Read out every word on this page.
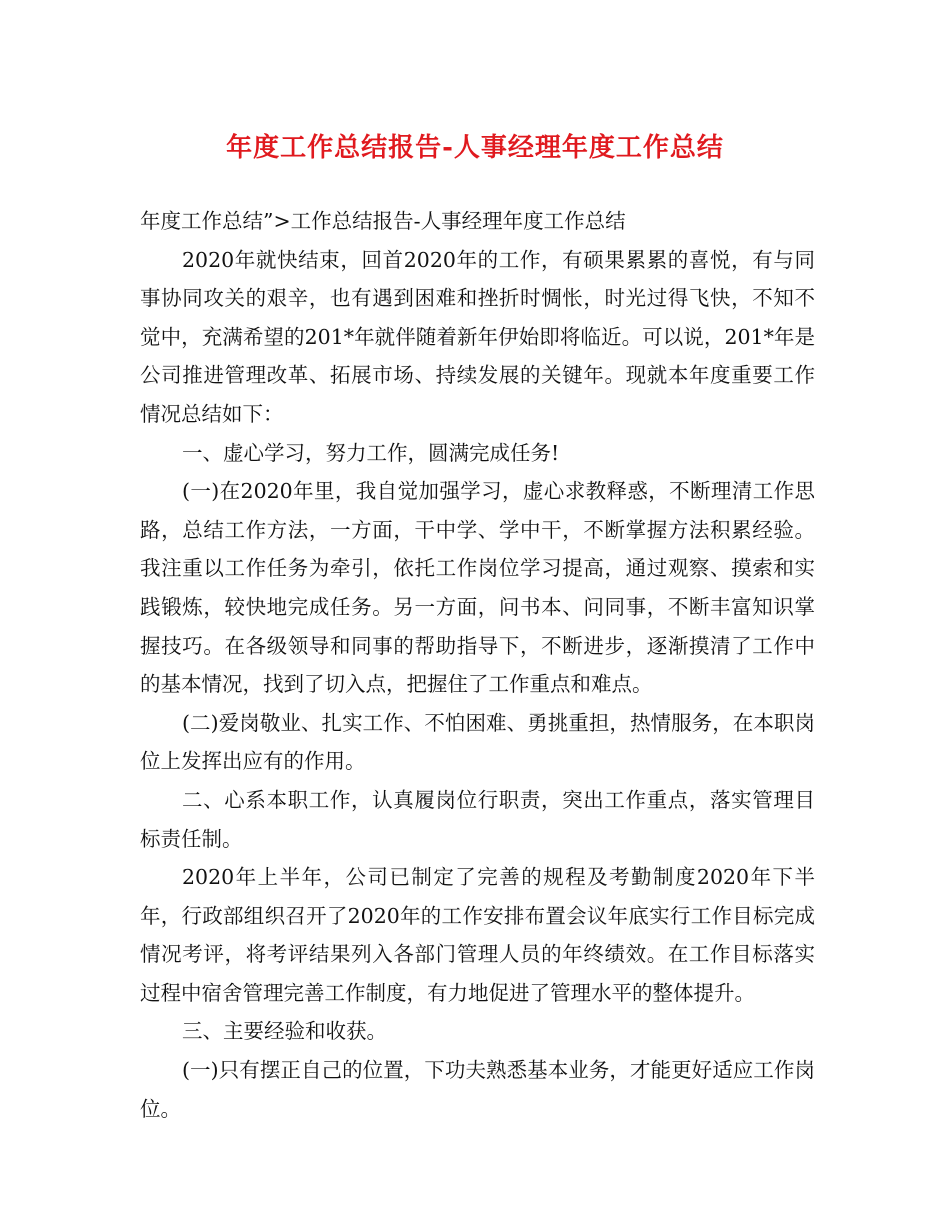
年度工作总结报告-人事经理年度工作总结

年度工作总结”>工作总结报告-人事经理年度工作总结

2020年就快结束，回首2020年的工作，有硕果累累的喜悦，有与同事协同攻关的艰辛，也有遇到困难和挫折时惆怅，时光过得飞快，不知不觉中，充满希望的201*年就伴随着新年伊始即将临近。可以说，201*年是公司推进管理改革、拓展市场、持续发展的关键年。现就本年度重要工作情况总结如下：

一、虚心学习，努力工作，圆满完成任务!

(一)在2020年里，我自觉加强学习，虚心求教释惑，不断理清工作思路，总结工作方法，一方面，干中学、学中干，不断掌握方法积累经验。我注重以工作任务为牵引，依托工作岗位学习提高，通过观察、摸索和实践锻炼，较快地完成任务。另一方面，问书本、问同事，不断丰富知识掌握技巧。在各级领导和同事的帮助指导下，不断进步，逐渐摸清了工作中的基本情况，找到了切入点，把握住了工作重点和难点。

(二)爱岗敬业、扎实工作、不怕困难、勇挑重担，热情服务，在本职岗位上发挥出应有的作用。

二、心系本职工作，认真履岗位行职责，突出工作重点，落实管理目标责任制。

2020年上半年，公司已制定了完善的规程及考勤制度2020年下半年，行政部组织召开了2020年的工作安排布置会议年底实行工作目标完成情况考评，将考评结果列入各部门管理人员的年终绩效。在工作目标落实过程中宿舍管理完善工作制度，有力地促进了管理水平的整体提升。

三、主要经验和收获。

(一)只有摆正自己的位置，下功夫熟悉基本业务，才能更好适应工作岗位。
